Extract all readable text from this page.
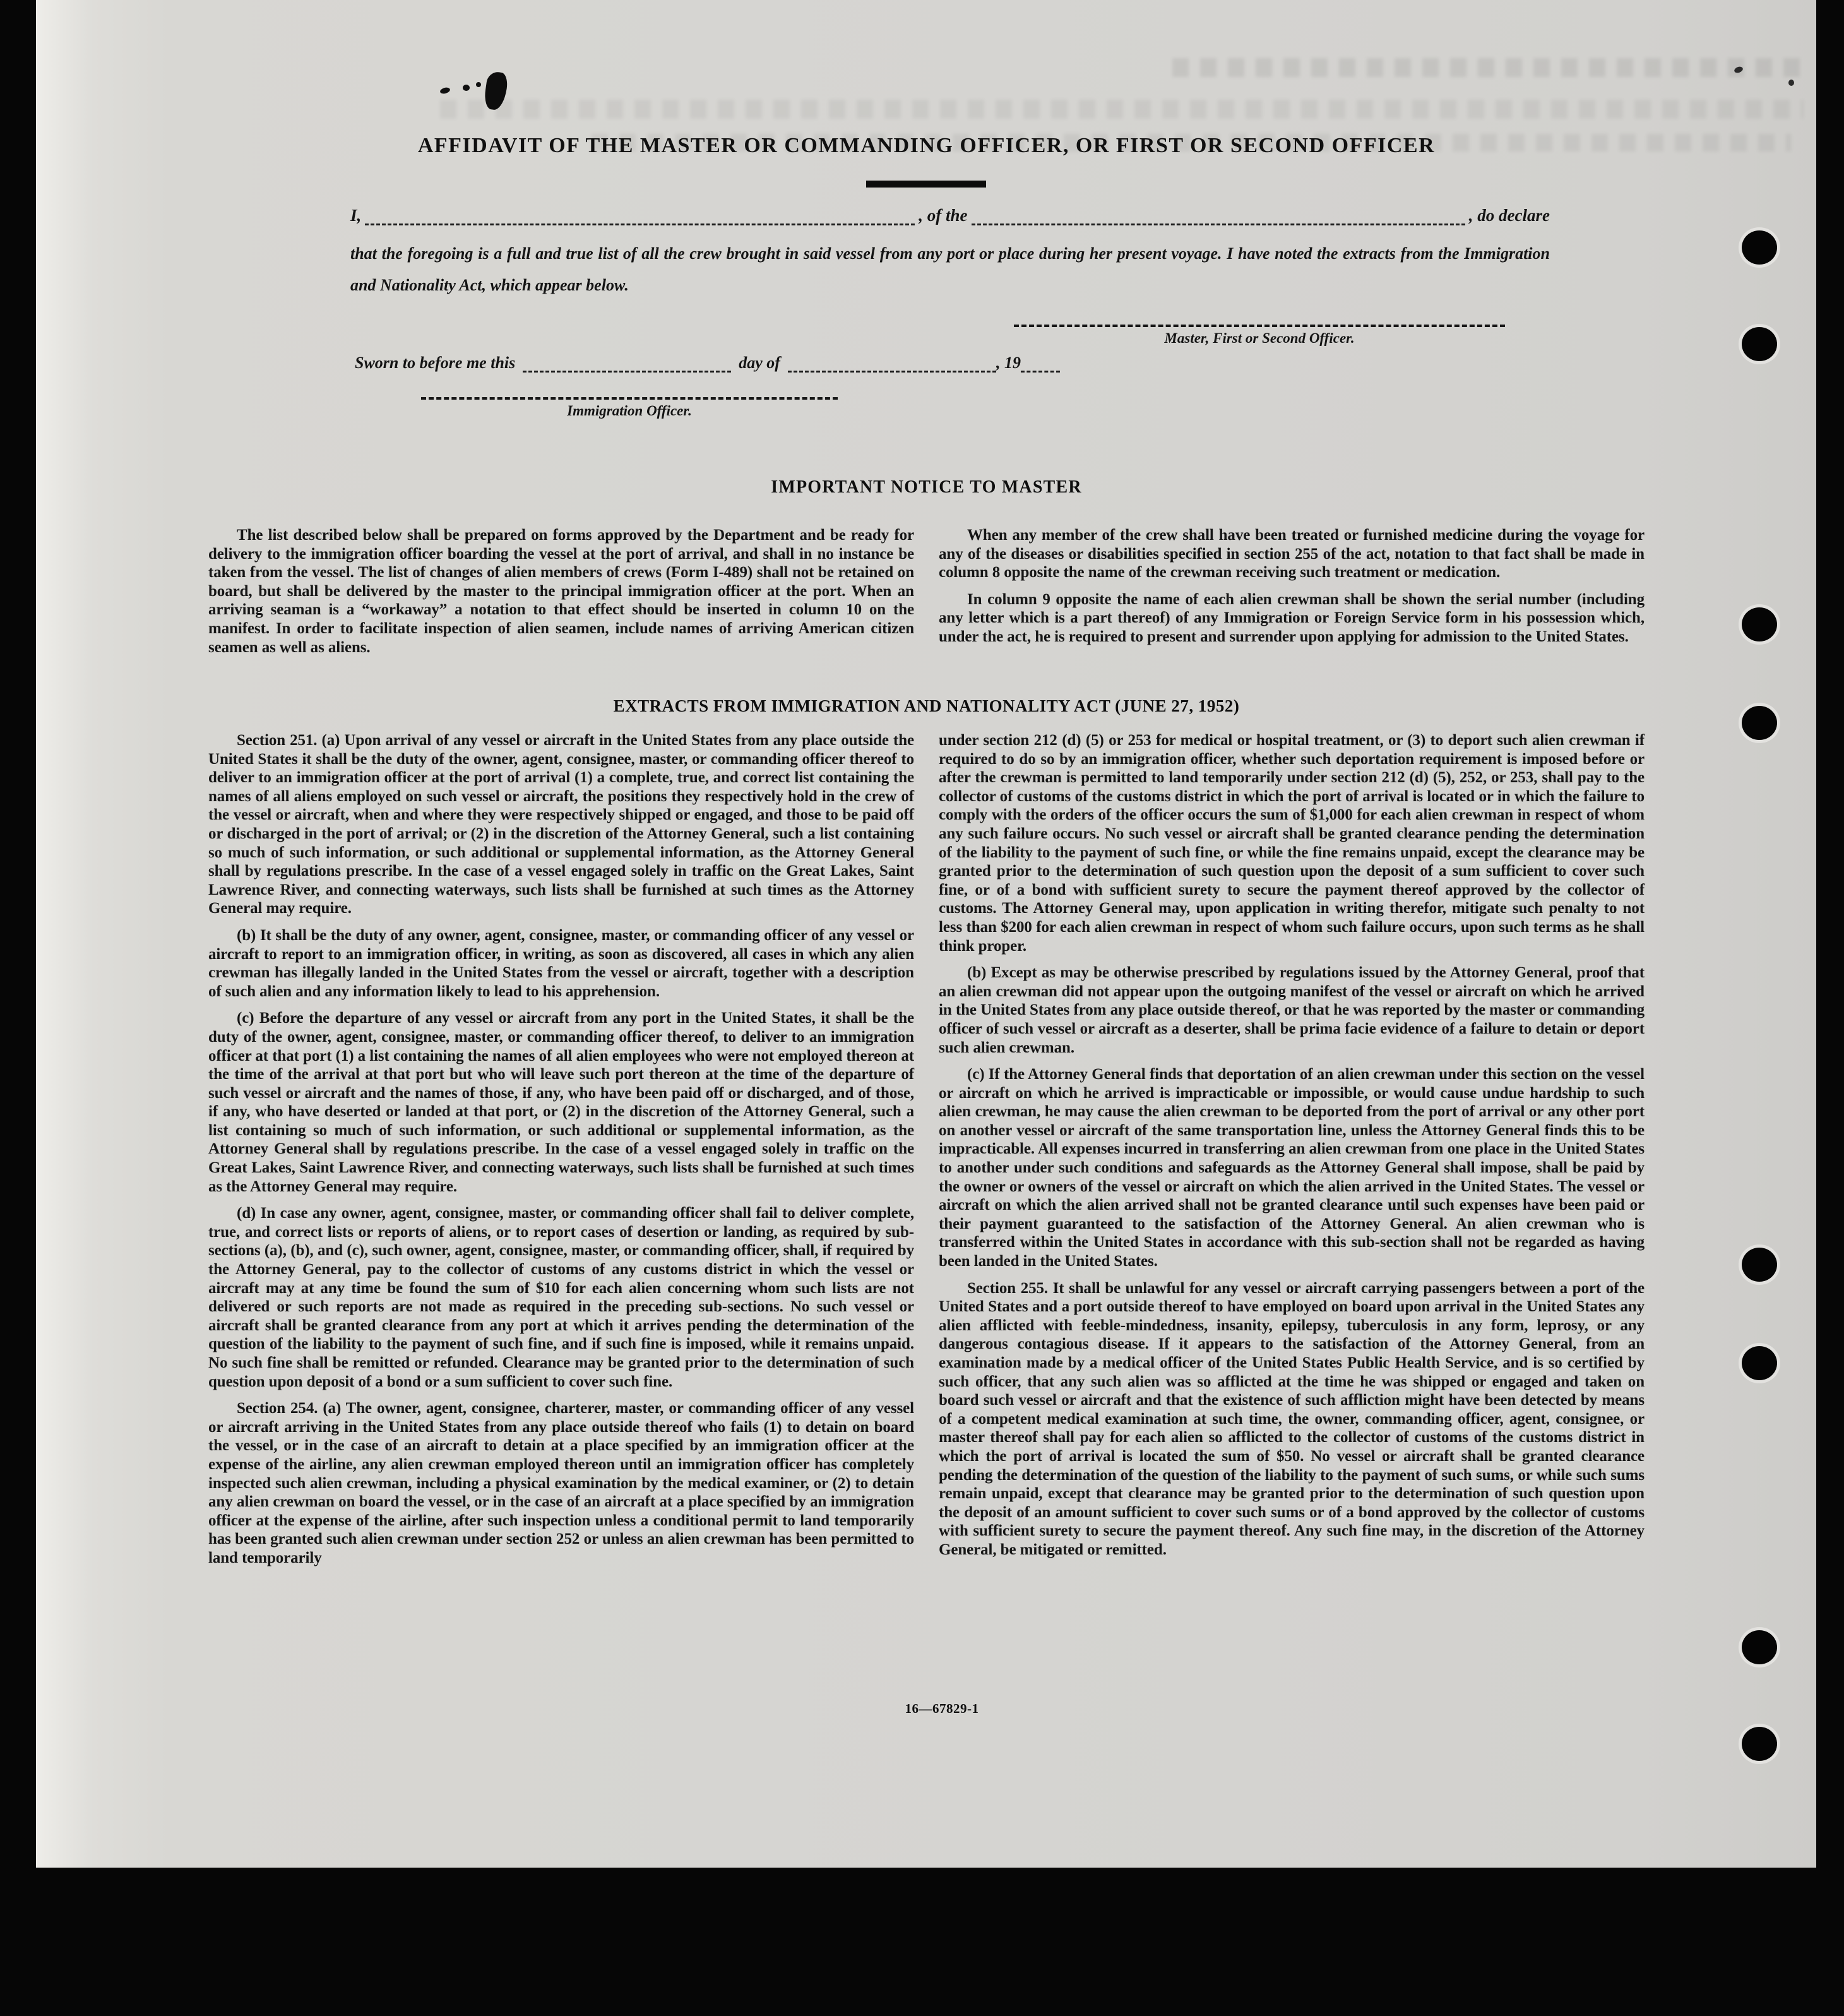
AFFIDAVIT OF THE MASTER OR COMMANDING OFFICER, OR FIRST OR SECOND OFFICER
I,	, of the	, do declare
that the foregoing is a full and true list of all the crew brought in said vessel from any port or place during her present voyage. I have noted the extracts from the Immigration and Nationality Act, which appear below.
Master, First or Second Officer.
Sworn to before me this	day of	, 19
Immigration Officer.
IMPORTANT NOTICE TO MASTER

The list described below shall be prepared on forms approved by the Department and be ready for delivery to the immigration officer boarding the vessel at the port of arrival, and shall in no instance be taken from the vessel. The list of changes of alien members of crews (Form I-489) shall not be retained on board, but shall be delivered by the master to the principal immigration officer at the port. When an arriving seaman is a “workaway” a notation to that effect should be inserted in column 10 on the manifest. In order to facilitate inspection of alien seamen, include names of arriving American citizen seamen as well as aliens.

When any member of the crew shall have been treated or furnished medicine during the voyage for any of the diseases or disabilities specified in section 255 of the act, notation to that fact shall be made in column 8 opposite the name of the crewman receiving such treatment or medication.

In column 9 opposite the name of each alien crewman shall be shown the serial number (including any letter which is a part thereof) of any Immigration or Foreign Service form in his possession which, under the act, he is required to present and surrender upon applying for admission to the United States.

EXTRACTS FROM IMMIGRATION AND NATIONALITY ACT (JUNE 27, 1952)

Section 251. (a) Upon arrival of any vessel or aircraft in the United States from any place outside the United States it shall be the duty of the owner, agent, consignee, master, or commanding officer thereof to deliver to an immigration officer at the port of arrival (1) a complete, true, and correct list containing the names of all aliens employed on such vessel or aircraft, the positions they respectively hold in the crew of the vessel or aircraft, when and where they were respectively shipped or engaged, and those to be paid off or discharged in the port of arrival; or (2) in the discretion of the Attorney General, such a list containing so much of such information, or such additional or supplemental information, as the Attorney General shall by regulations prescribe. In the case of a vessel engaged solely in traffic on the Great Lakes, Saint Lawrence River, and connecting waterways, such lists shall be furnished at such times as the Attorney General may require.

(b) It shall be the duty of any owner, agent, consignee, master, or commanding officer of any vessel or aircraft to report to an immigration officer, in writing, as soon as discovered, all cases in which any alien crewman has illegally landed in the United States from the vessel or aircraft, together with a description of such alien and any information likely to lead to his apprehension.

(c) Before the departure of any vessel or aircraft from any port in the United States, it shall be the duty of the owner, agent, consignee, master, or commanding officer thereof, to deliver to an immigration officer at that port (1) a list containing the names of all alien employees who were not employed thereon at the time of the arrival at that port but who will leave such port thereon at the time of the departure of such vessel or aircraft and the names of those, if any, who have been paid off or discharged, and of those, if any, who have deserted or landed at that port, or (2) in the discretion of the Attorney General, such a list containing so much of such information, or such additional or supplemental information, as the Attorney General shall by regulations prescribe. In the case of a vessel engaged solely in traffic on the Great Lakes, Saint Lawrence River, and connecting waterways, such lists shall be furnished at such times as the Attorney General may require.

(d) In case any owner, agent, consignee, master, or commanding officer shall fail to deliver complete, true, and correct lists or reports of aliens, or to report cases of desertion or landing, as required by sub-sections (a), (b), and (c), such owner, agent, consignee, master, or commanding officer, shall, if required by the Attorney General, pay to the collector of customs of any customs district in which the vessel or aircraft may at any time be found the sum of $10 for each alien concerning whom such lists are not delivered or such reports are not made as required in the preceding sub-sections. No such vessel or aircraft shall be granted clearance from any port at which it arrives pending the determination of the question of the liability to the payment of such fine, and if such fine is imposed, while it remains unpaid. No such fine shall be remitted or refunded. Clearance may be granted prior to the determination of such question upon deposit of a bond or a sum sufficient to cover such fine.

Section 254. (a) The owner, agent, consignee, charterer, master, or commanding officer of any vessel or aircraft arriving in the United States from any place outside thereof who fails (1) to detain on board the vessel, or in the case of an aircraft to detain at a place specified by an immigration officer at the expense of the airline, any alien crewman employed thereon until an immigration officer has completely inspected such alien crewman, including a physical examination by the medical examiner, or (2) to detain any alien crewman on board the vessel, or in the case of an aircraft at a place specified by an immigration officer at the expense of the airline, after such inspection unless a conditional permit to land temporarily has been granted such alien crewman under section 252 or unless an alien crewman has been permitted to land temporarily

under section 212 (d) (5) or 253 for medical or hospital treatment, or (3) to deport such alien crewman if required to do so by an immigration officer, whether such deportation requirement is imposed before or after the crewman is permitted to land temporarily under section 212 (d) (5), 252, or 253, shall pay to the collector of customs of the customs district in which the port of arrival is located or in which the failure to comply with the orders of the officer occurs the sum of $1,000 for each alien crewman in respect of whom any such failure occurs. No such vessel or aircraft shall be granted clearance pending the determination of the liability to the payment of such fine, or while the fine remains unpaid, except the clearance may be granted prior to the determination of such question upon the deposit of a sum sufficient to cover such fine, or of a bond with sufficient surety to secure the payment thereof approved by the collector of customs. The Attorney General may, upon application in writing therefor, mitigate such penalty to not less than $200 for each alien crewman in respect of whom such failure occurs, upon such terms as he shall think proper.

(b) Except as may be otherwise prescribed by regulations issued by the Attorney General, proof that an alien crewman did not appear upon the outgoing manifest of the vessel or aircraft on which he arrived in the United States from any place outside thereof, or that he was reported by the master or commanding officer of such vessel or aircraft as a deserter, shall be prima facie evidence of a failure to detain or deport such alien crewman.

(c) If the Attorney General finds that deportation of an alien crewman under this section on the vessel or aircraft on which he arrived is impracticable or impossible, or would cause undue hardship to such alien crewman, he may cause the alien crewman to be deported from the port of arrival or any other port on another vessel or aircraft of the same transportation line, unless the Attorney General finds this to be impracticable. All expenses incurred in transferring an alien crewman from one place in the United States to another under such conditions and safeguards as the Attorney General shall impose, shall be paid by the owner or owners of the vessel or aircraft on which the alien arrived in the United States. The vessel or aircraft on which the alien arrived shall not be granted clearance until such expenses have been paid or their payment guaranteed to the satisfaction of the Attorney General. An alien crewman who is transferred within the United States in accordance with this sub-section shall not be regarded as having been landed in the United States.

Section 255. It shall be unlawful for any vessel or aircraft carrying passengers between a port of the United States and a port outside thereof to have employed on board upon arrival in the United States any alien afflicted with feeble-mindedness, insanity, epilepsy, tuberculosis in any form, leprosy, or any dangerous contagious disease. If it appears to the satisfaction of the Attorney General, from an examination made by a medical officer of the United States Public Health Service, and is so certified by such officer, that any such alien was so afflicted at the time he was shipped or engaged and taken on board such vessel or aircraft and that the existence of such affliction might have been detected by means of a competent medical examination at such time, the owner, commanding officer, agent, consignee, or master thereof shall pay for each alien so afflicted to the collector of customs of the customs district in which the port of arrival is located the sum of $50. No vessel or aircraft shall be granted clearance pending the determination of the question of the liability to the payment of such sums, or while such sums remain unpaid, except that clearance may be granted prior to the determination of such question upon the deposit of an amount sufficient to cover such sums or of a bond approved by the collector of customs with sufficient surety to secure the payment thereof. Any such fine may, in the discretion of the Attorney General, be mitigated or remitted.

16—67829-1
